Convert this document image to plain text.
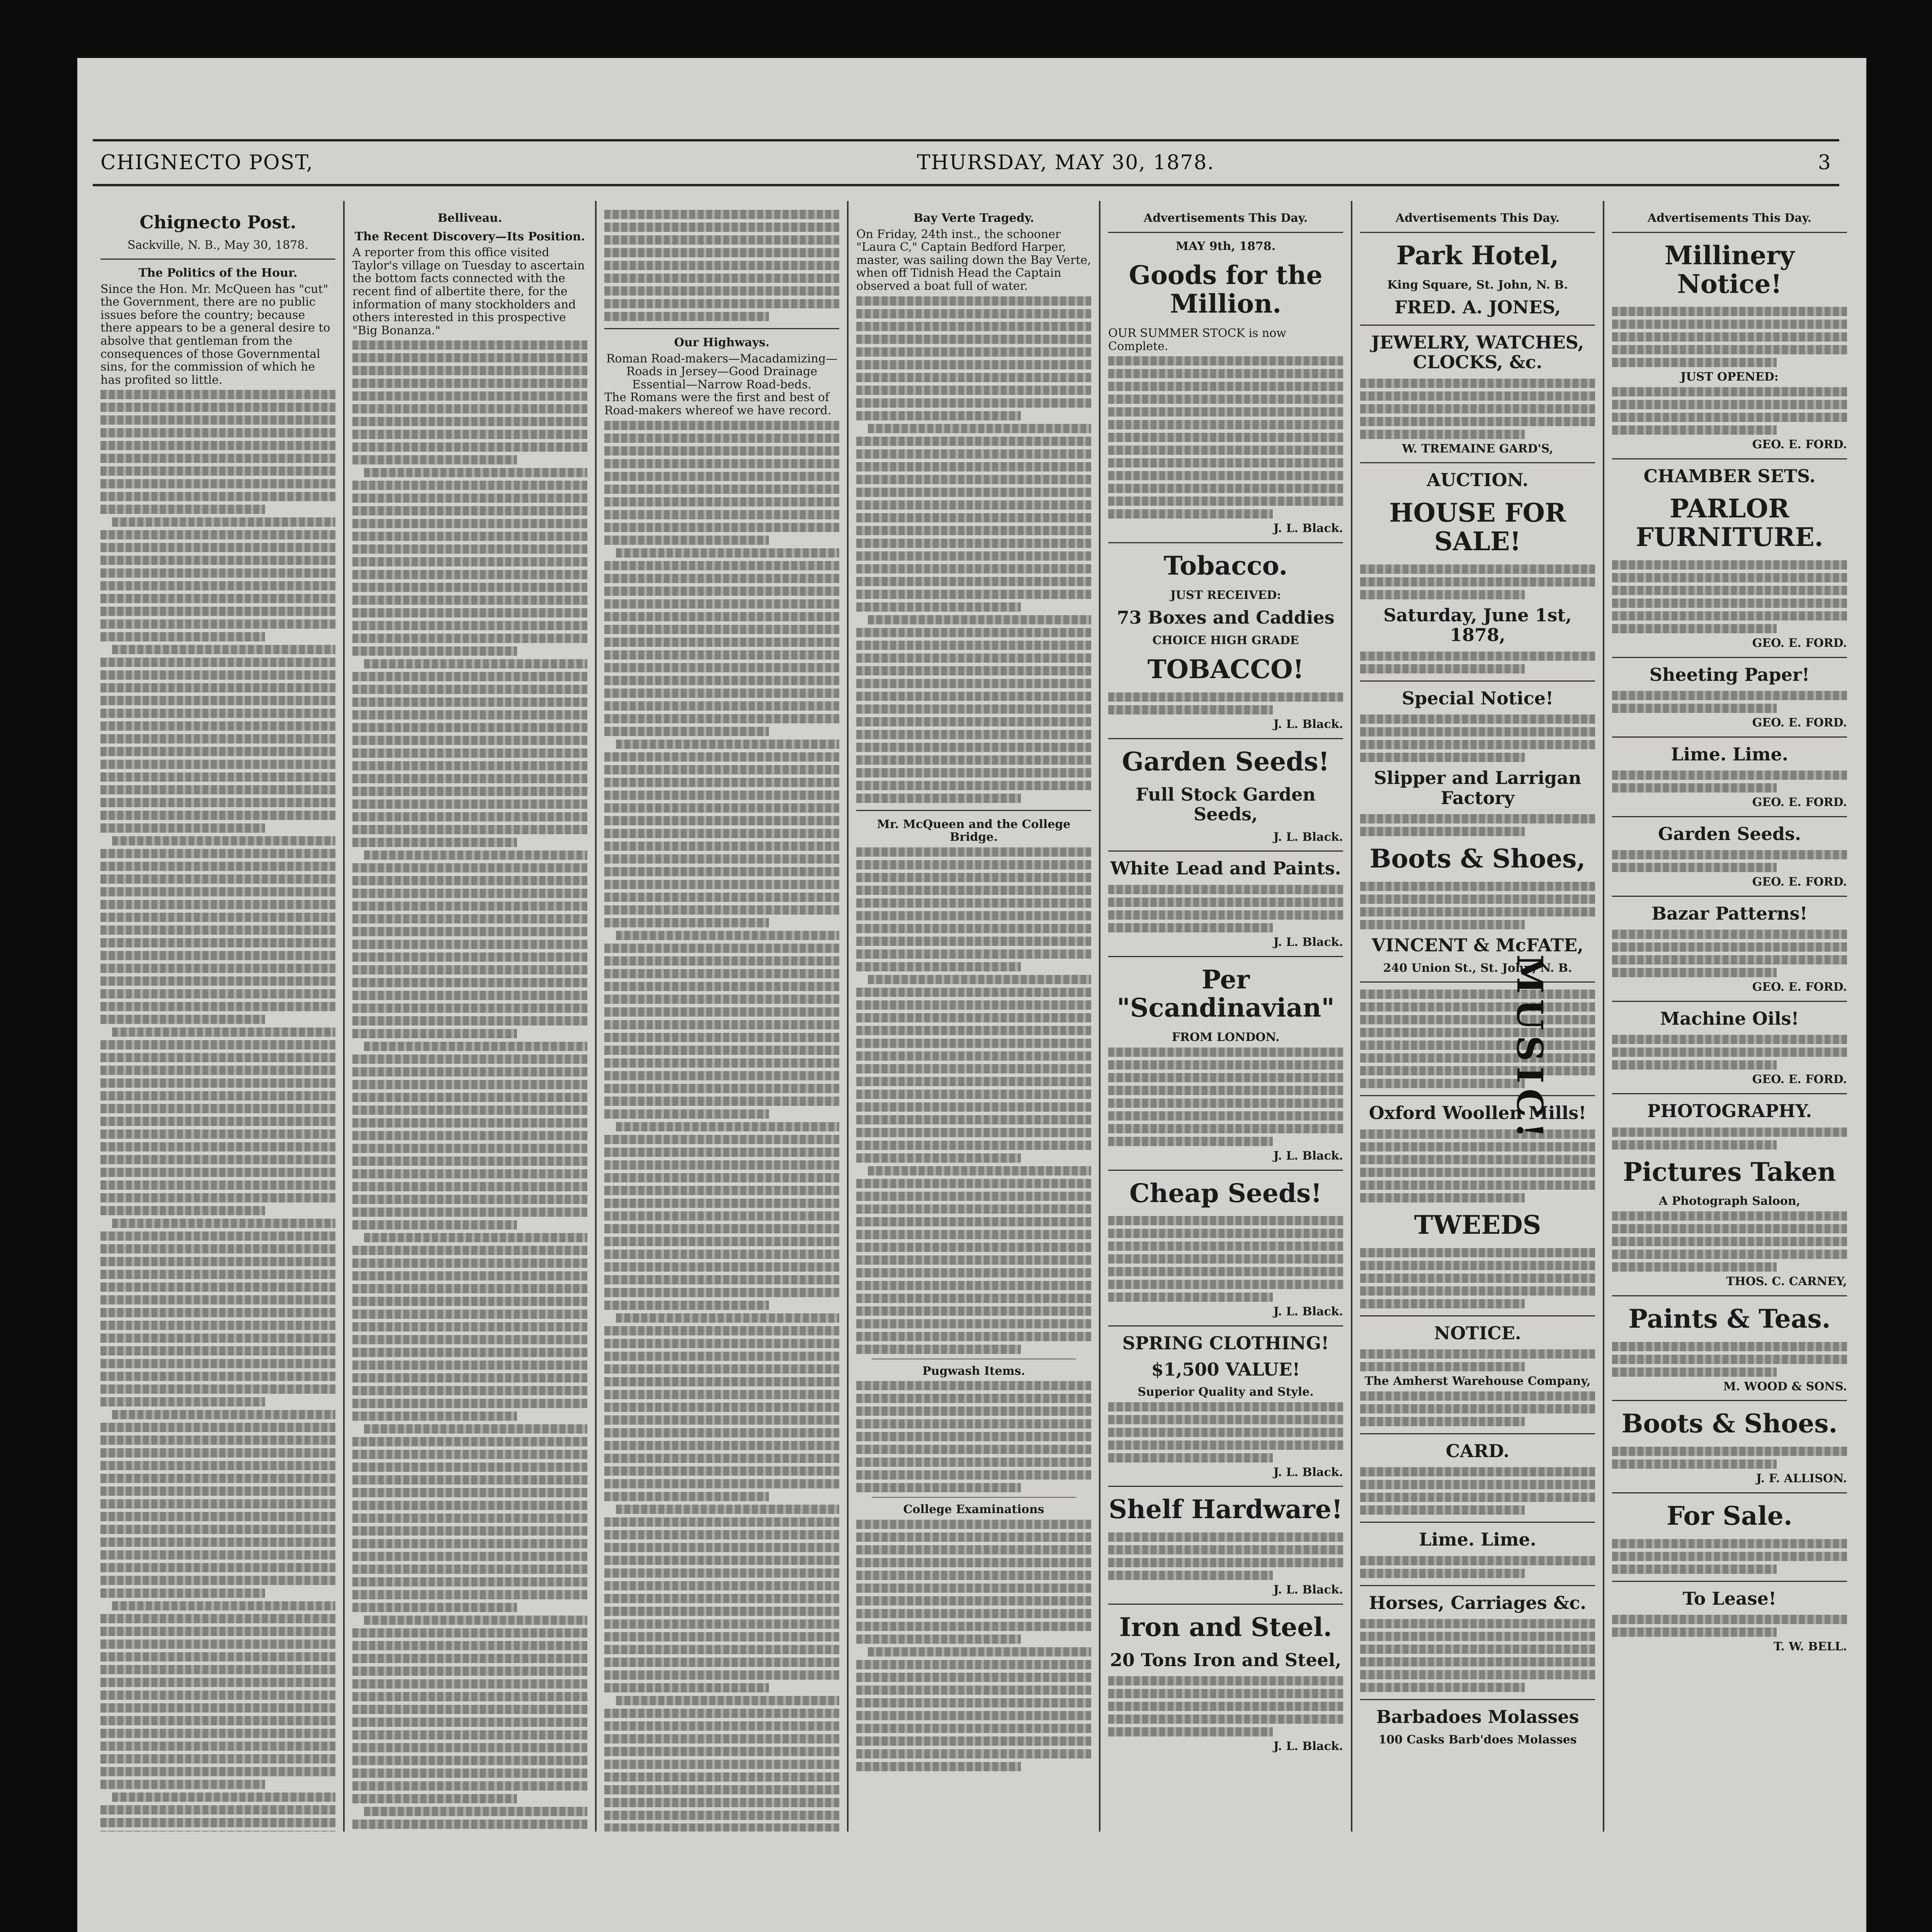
CHIGNECTO POST,	THURSDAY, MAY 30, 1878.	3
Chignecto Post.
Sackville, N. B., May 30, 1878.
The Politics of the Hour.
Since the Hon. Mr. McQueen has "cut" the Government, there are no public issues before the country; because there appears to be a general desire to absolve that gentleman from the consequences of those Governmental sins, for the commission of which he has profited so little.
Belliveau.
The Recent Discovery—Its Position.
A reporter from this office visited Taylor's village on Tuesday to ascertain the bottom facts connected with the recent find of albertite there, for the information of many stockholders and others interested in this prospective "Big Bonanza."
Our Highways.
Roman Road-makers—Macadamizing—Roads in Jersey—Good Drainage Essential—Narrow Road-beds.
The Romans were the first and best of Road-makers whereof we have record.
Bay Verte Tragedy.
On Friday, 24th inst., the schooner "Laura C," Captain Bedford Harper, master, was sailing down the Bay Verte, when off Tidnish Head the Captain observed a boat full of water.
Mr. McQueen and the College Bridge.
Pugwash Items.
College Examinations
Advertisements This Day.
MAY 9th, 1878.
Goods for the Million.
OUR SUMMER STOCK is now Complete.
J. L. Black.
Tobacco.
JUST RECEIVED:
73 Boxes and Caddies
CHOICE HIGH GRADE
TOBACCO!
J. L. Black.
Garden Seeds!
Full Stock Garden Seeds,
J. L. Black.
White Lead and Paints.
J. L. Black.
Per "Scandinavian"
FROM LONDON.
J. L. Black.
Cheap Seeds!
J. L. Black.
SPRING CLOTHING!
$1,500 VALUE!
Superior Quality and Style.
J. L. Black.
Shelf Hardware!
J. L. Black.
Iron and Steel.
20 Tons Iron and Steel,
J. L. Black.
Advertisements This Day.
Park Hotel,
King Square, St. John, N. B.
FRED. A. JONES,
JEWELRY, WATCHES, CLOCKS, &c.
W. TREMAINE GARD'S,
AUCTION.
HOUSE FOR SALE!
Saturday, June 1st, 1878,
Special Notice!
Slipper and Larrigan Factory
Boots & Shoes,
VINCENT & McFATE,
240 Union St., St. John, N. B.
Oxford Woollen Mills!
TWEEDS
NOTICE.
The Amherst Warehouse Company,
CARD.
Lime. Lime.
Horses, Carriages &c.
Barbadoes Molasses
100 Casks Barb'does Molasses
Advertisements This Day.
Millinery Notice!
JUST OPENED:
GEO. E. FORD.
CHAMBER SETS.
PARLOR FURNITURE.
GEO. E. FORD.
Sheeting Paper!
GEO. E. FORD.
Lime. Lime.
GEO. E. FORD.
Garden Seeds.
GEO. E. FORD.
Bazar Patterns!
GEO. E. FORD.
Machine Oils!
GEO. E. FORD.
PHOTOGRAPHY.
Pictures Taken
A Photograph Saloon,
THOS. C. CARNEY,
Paints & Teas.
M. WOOD & SONS.
Boots & Shoes.
J. F. ALLISON.
For Sale.
To Lease!
T. W. BELL.
MUSIC!
